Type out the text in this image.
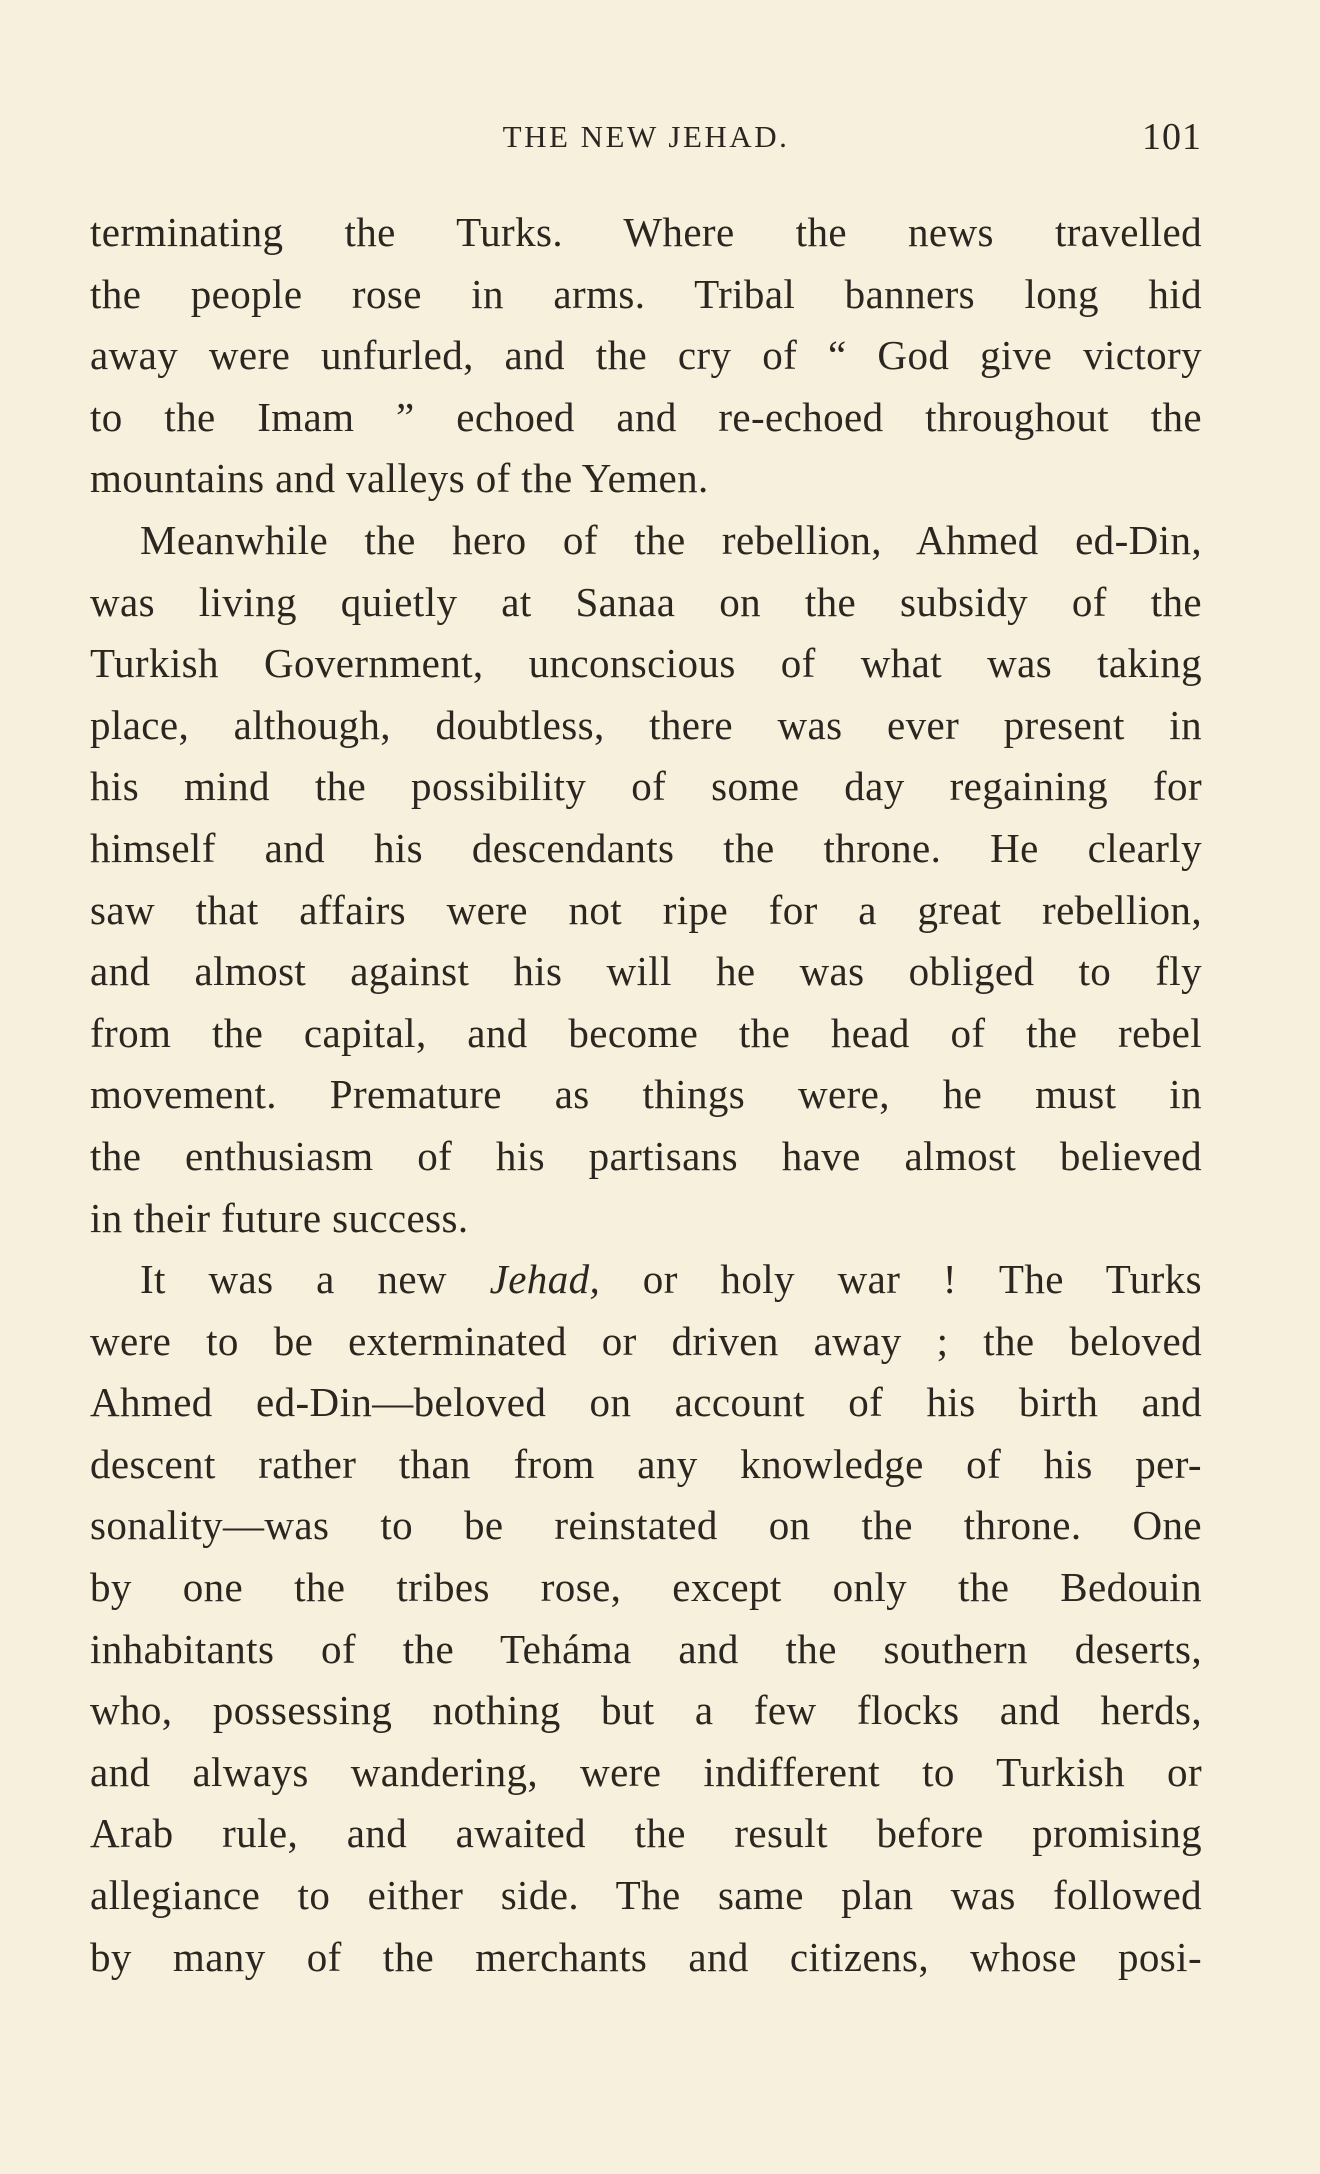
THE NEW JEHAD.	101
terminating the Turks. Where the news travelled
the people rose in arms. Tribal banners long hid
away were unfurled, and the cry of “ God give victory
to the Imam ” echoed and re-echoed throughout the
mountains and valleys of the Yemen.
Meanwhile the hero of the rebellion, Ahmed ed-Din,
was living quietly at Sanaa on the subsidy of the
Turkish Government, unconscious of what was taking
place, although, doubtless, there was ever present in
his mind the possibility of some day regaining for
himself and his descendants the throne. He clearly
saw that affairs were not ripe for a great rebellion,
and almost against his will he was obliged to fly
from the capital, and become the head of the rebel
movement. Premature as things were, he must in
the enthusiasm of his partisans have almost believed
in their future success.
It was a new Jehad, or holy war ! The Turks
were to be exterminated or driven away ; the beloved
Ahmed ed-Din—beloved on account of his birth and
descent rather than from any knowledge of his per-
sonality—was to be reinstated on the throne. One
by one the tribes rose, except only the Bedouin
inhabitants of the Teháma and the southern deserts,
who, possessing nothing but a few flocks and herds,
and always wandering, were indifferent to Turkish or
Arab rule, and awaited the result before promising
allegiance to either side. The same plan was followed
by many of the merchants and citizens, whose posi-
